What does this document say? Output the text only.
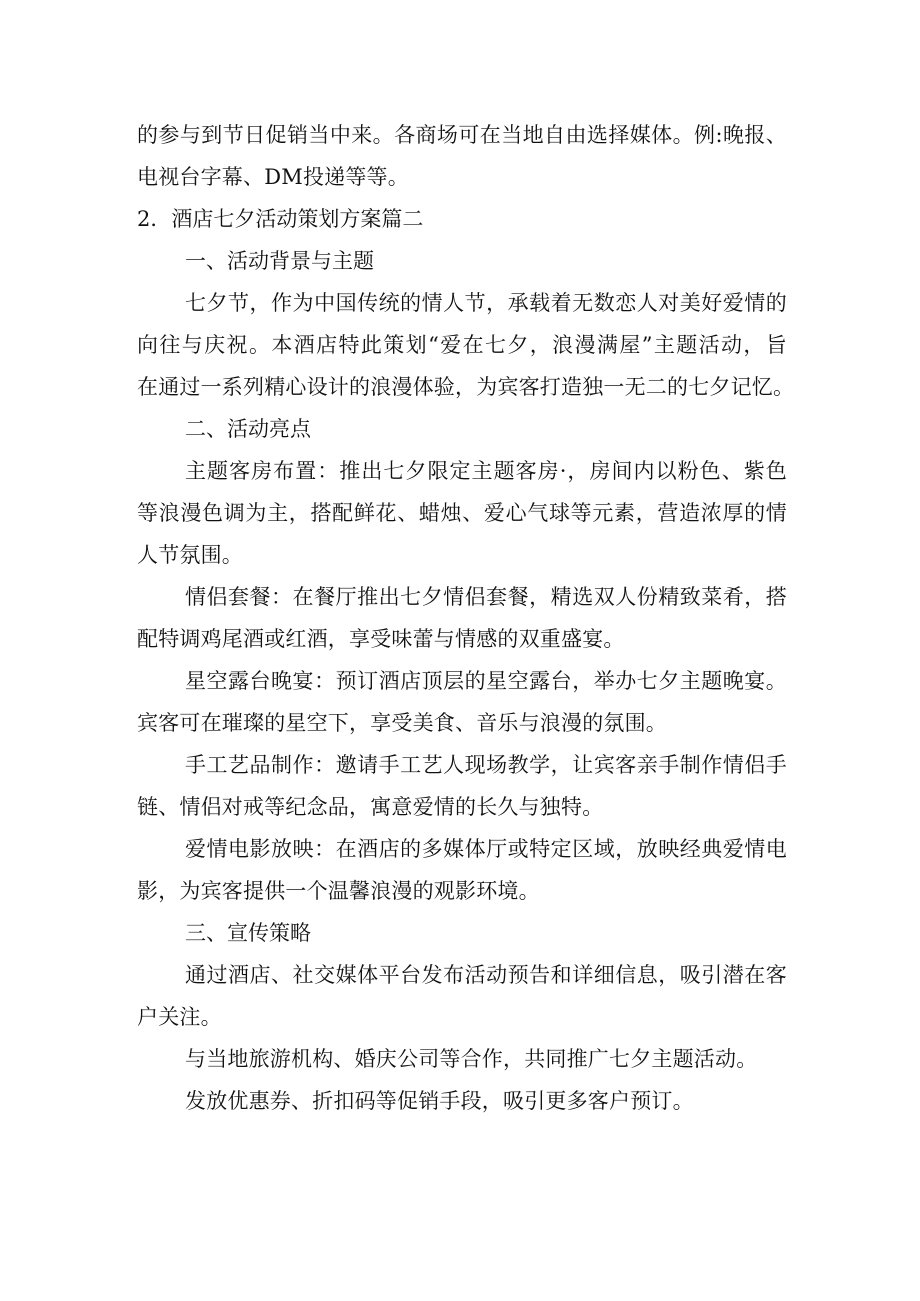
的参与到节日促销当中来。各商场可在当地自由选择媒体。例:晚报、
电视台字幕、DM投递等等。
2．酒店七夕活动策划方案篇二
一、活动背景与主题
七夕节，作为中国传统的情人节，承载着无数恋人对美好爱情的
向往与庆祝。本酒店特此策划“爱在七夕，浪漫满屋”主题活动，旨
在通过一系列精心设计的浪漫体验，为宾客打造独一无二的七夕记忆。
二、活动亮点
主题客房布置：推出七夕限定主题客房·，房间内以粉色、紫色
等浪漫色调为主，搭配鲜花、蜡烛、爱心气球等元素，营造浓厚的情
人节氛围。
情侣套餐：在餐厅推出七夕情侣套餐，精选双人份精致菜肴，搭
配特调鸡尾酒或红酒，享受味蕾与情感的双重盛宴。
星空露台晚宴：预订酒店顶层的星空露台，举办七夕主题晚宴。
宾客可在璀璨的星空下，享受美食、音乐与浪漫的氛围。
手工艺品制作：邀请手工艺人现场教学，让宾客亲手制作情侣手
链、情侣对戒等纪念品，寓意爱情的长久与独特。
爱情电影放映：在酒店的多媒体厅或特定区域，放映经典爱情电
影，为宾客提供一个温馨浪漫的观影环境。
三、宣传策略
通过酒店、社交媒体平台发布活动预告和详细信息，吸引潜在客
户关注。
与当地旅游机构、婚庆公司等合作，共同推广七夕主题活动。
发放优惠券、折扣码等促销手段，吸引更多客户预订。
